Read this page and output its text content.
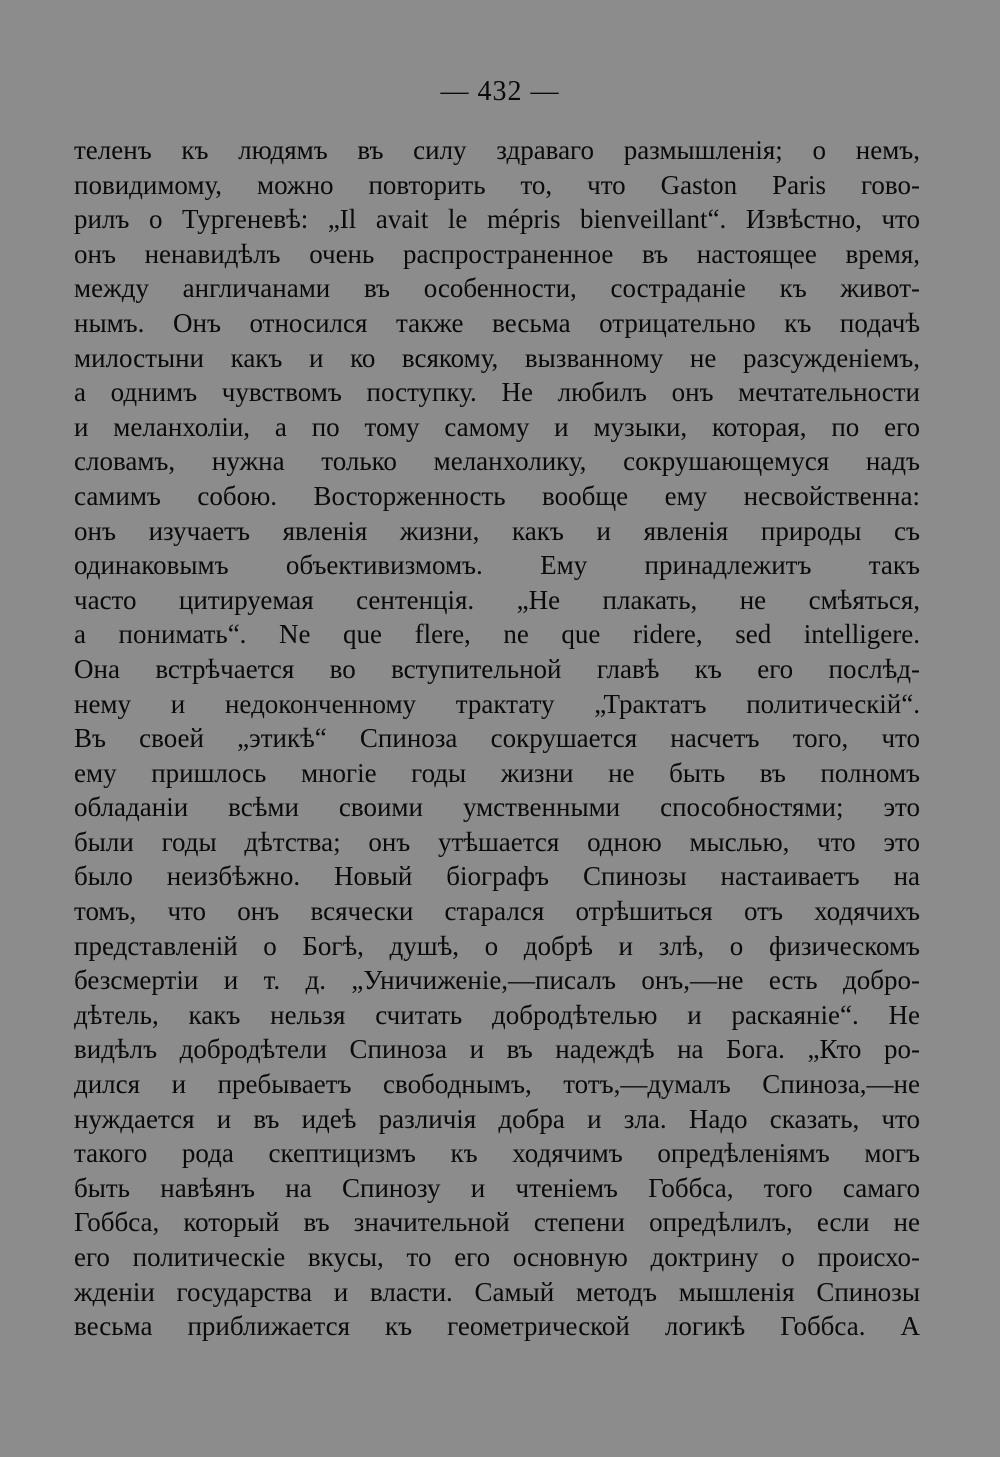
— 432 —
теленъ къ людямъ въ силу здраваго размышленія; о немъ,
повидимому, можно повторить то, что Gaston Paris гово-
рилъ о Тургеневѣ: „Il avait le mépris bienveillant“. Извѣстно, что
онъ ненавидѣлъ очень распространенное въ настоящее время,
между англичанами въ особенности, состраданіе къ живот-
нымъ. Онъ относился также весьма отрицательно къ подачѣ
милостыни какъ и ко всякому, вызванному не разсужденіемъ,
а однимъ чувствомъ поступку. Не любилъ онъ мечтательности
и меланхоліи, а по тому самому и музыки, которая, по его
словамъ, нужна только меланхолику, сокрушающемуся надъ
самимъ собою. Восторженность вообще ему несвойственна:
онъ изучаетъ явленія жизни, какъ и явленія природы съ
одинаковымъ объективизмомъ. Ему принадлежитъ такъ
часто цитируемая сентенція. „Не плакать, не смѣяться,
а понимать“. Ne que flere, ne que ridere, sed intelligere.
Она встрѣчается во вступительной главѣ къ его послѣд-
нему и недоконченному трактату „Трактатъ политическій“.
Въ своей „этикѣ“ Спиноза сокрушается насчетъ того, что
ему пришлось многіе годы жизни не быть въ полномъ
обладаніи всѣми своими умственными способностями; это
были годы дѣтства; онъ утѣшается одною мыслью, что это
было неизбѣжно. Новый біографъ Спинозы настаиваетъ на
томъ, что онъ всячески старался отрѣшиться отъ ходячихъ
представленій о Богѣ, душѣ, о добрѣ и злѣ, о физическомъ
безсмертіи и т. д. „Уничиженіе,—писалъ онъ,—не есть добро-
дѣтель, какъ нельзя считать добродѣтелью и раскаяніе“. Не
видѣлъ добродѣтели Спиноза и въ надеждѣ на Бога. „Кто ро-
дился и пребываетъ свободнымъ, тотъ,—думалъ Спиноза,—не
нуждается и въ идеѣ различія добра и зла. Надо сказать, что
такого рода скептицизмъ къ ходячимъ опредѣленіямъ могъ
быть навѣянъ на Спинозу и чтеніемъ Гоббса, того самаго
Гоббса, который въ значительной степени опредѣлилъ, если не
его политическіе вкусы, то его основную доктрину о происхо-
жденіи государства и власти. Самый методъ мышленія Спинозы
весьма приближается къ геометрической логикѣ Гоббса. А
